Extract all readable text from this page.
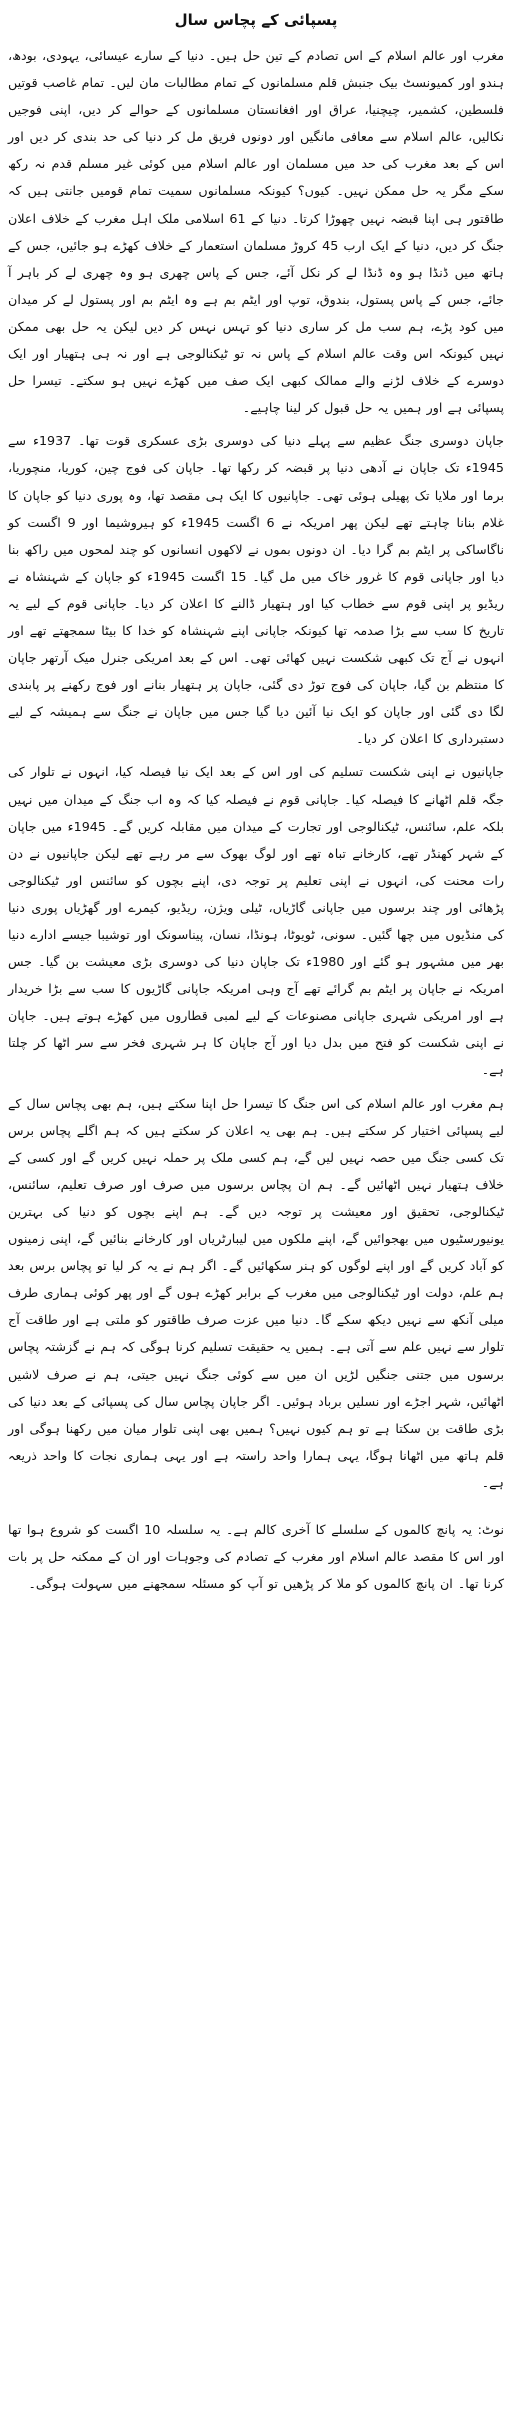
پسپائی کے پچاس سال

مغرب اور عالم اسلام کے اس تصادم کے تین حل ہیں۔ دنیا کے سارے عیسائی، یہودی، بودھ، ہندو اور کمیونسٹ بیک جنبش قلم مسلمانوں کے تمام مطالبات مان لیں۔ تمام غاصب قوتیں فلسطین، کشمیر، چیچنیا، عراق اور افغانستان مسلمانوں کے حوالے کر دیں، اپنی فوجیں نکالیں، عالم اسلام سے معافی مانگیں اور دونوں فریق مل کر دنیا کی حد بندی کر دیں اور اس کے بعد مغرب کی حد میں مسلمان اور عالم اسلام میں کوئی غیر مسلم قدم نہ رکھ سکے مگر یہ حل ممکن نہیں۔ کیوں؟ کیونکہ مسلمانوں سمیت تمام قومیں جانتی ہیں کہ طاقتور ہی اپنا قبضہ نہیں چھوڑا کرتا۔ دنیا کے 61 اسلامی ملک اہل مغرب کے خلاف اعلان جنگ کر دیں، دنیا کے ایک ارب 45 کروڑ مسلمان استعمار کے خلاف کھڑے ہو جائیں، جس کے ہاتھ میں ڈنڈا ہو وہ ڈنڈا لے کر نکل آئے، جس کے پاس چھری ہو وہ چھری لے کر باہر آ جائے، جس کے پاس پستول، بندوق، توپ اور ایٹم بم ہے وہ ایٹم بم اور پستول لے کر میدان میں کود پڑے، ہم سب مل کر ساری دنیا کو تہس نہس کر دیں لیکن یہ حل بھی ممکن نہیں کیونکہ اس وقت عالم اسلام کے پاس نہ تو ٹیکنالوجی ہے اور نہ ہی ہتھیار اور ایک دوسرے کے خلاف لڑنے والے ممالک کبھی ایک صف میں کھڑے نہیں ہو سکتے۔ تیسرا حل پسپائی ہے اور ہمیں یہ حل قبول کر لینا چاہیے۔

جاپان دوسری جنگ عظیم سے پہلے دنیا کی دوسری بڑی عسکری قوت تھا۔ 1937ء سے 1945ء تک جاپان نے آدھی دنیا پر قبضہ کر رکھا تھا۔ جاپان کی فوج چین، کوریا، منچوریا، برما اور ملایا تک پھیلی ہوئی تھی۔ جاپانیوں کا ایک ہی مقصد تھا، وہ پوری دنیا کو جاپان کا غلام بنانا چاہتے تھے لیکن پھر امریکہ نے 6 اگست 1945ء کو ہیروشیما اور 9 اگست کو ناگاساکی پر ایٹم بم گرا دیا۔ ان دونوں بموں نے لاکھوں انسانوں کو چند لمحوں میں راکھ بنا دیا اور جاپانی قوم کا غرور خاک میں مل گیا۔ 15 اگست 1945ء کو جاپان کے شہنشاہ نے ریڈیو پر اپنی قوم سے خطاب کیا اور ہتھیار ڈالنے کا اعلان کر دیا۔ جاپانی قوم کے لیے یہ تاریخ کا سب سے بڑا صدمہ تھا کیونکہ جاپانی اپنے شہنشاہ کو خدا کا بیٹا سمجھتے تھے اور انہوں نے آج تک کبھی شکست نہیں کھائی تھی۔ اس کے بعد امریکی جنرل میک آرتھر جاپان کا منتظم بن گیا، جاپان کی فوج توڑ دی گئی، جاپان پر ہتھیار بنانے اور فوج رکھنے پر پابندی لگا دی گئی اور جاپان کو ایک نیا آئین دیا گیا جس میں جاپان نے جنگ سے ہمیشہ کے لیے دستبرداری کا اعلان کر دیا۔

جاپانیوں نے اپنی شکست تسلیم کی اور اس کے بعد ایک نیا فیصلہ کیا، انہوں نے تلوار کی جگہ قلم اٹھانے کا فیصلہ کیا۔ جاپانی قوم نے فیصلہ کیا کہ وہ اب جنگ کے میدان میں نہیں بلکہ علم، سائنس، ٹیکنالوجی اور تجارت کے میدان میں مقابلہ کریں گے۔ 1945ء میں جاپان کے شہر کھنڈر تھے، کارخانے تباہ تھے اور لوگ بھوک سے مر رہے تھے لیکن جاپانیوں نے دن رات محنت کی، انہوں نے اپنی تعلیم پر توجہ دی، اپنے بچوں کو سائنس اور ٹیکنالوجی پڑھائی اور چند برسوں میں جاپانی گاڑیاں، ٹیلی ویژن، ریڈیو، کیمرے اور گھڑیاں پوری دنیا کی منڈیوں میں چھا گئیں۔ سونی، ٹویوٹا، ہونڈا، نسان، پیناسونک اور توشیبا جیسے ادارے دنیا بھر میں مشہور ہو گئے اور 1980ء تک جاپان دنیا کی دوسری بڑی معیشت بن گیا۔ جس امریکہ نے جاپان پر ایٹم بم گرائے تھے آج وہی امریکہ جاپانی گاڑیوں کا سب سے بڑا خریدار ہے اور امریکی شہری جاپانی مصنوعات کے لیے لمبی قطاروں میں کھڑے ہوتے ہیں۔ جاپان نے اپنی شکست کو فتح میں بدل دیا اور آج جاپان کا ہر شہری فخر سے سر اٹھا کر چلتا ہے۔

ہم مغرب اور عالم اسلام کی اس جنگ کا تیسرا حل اپنا سکتے ہیں، ہم بھی پچاس سال کے لیے پسپائی اختیار کر سکتے ہیں۔ ہم بھی یہ اعلان کر سکتے ہیں کہ ہم اگلے پچاس برس تک کسی جنگ میں حصہ نہیں لیں گے، ہم کسی ملک پر حملہ نہیں کریں گے اور کسی کے خلاف ہتھیار نہیں اٹھائیں گے۔ ہم ان پچاس برسوں میں صرف اور صرف تعلیم، سائنس، ٹیکنالوجی، تحقیق اور معیشت پر توجہ دیں گے۔ ہم اپنے بچوں کو دنیا کی بہترین یونیورسٹیوں میں بھجوائیں گے، اپنے ملکوں میں لیبارٹریاں اور کارخانے بنائیں گے، اپنی زمینوں کو آباد کریں گے اور اپنے لوگوں کو ہنر سکھائیں گے۔ اگر ہم نے یہ کر لیا تو پچاس برس بعد ہم علم، دولت اور ٹیکنالوجی میں مغرب کے برابر کھڑے ہوں گے اور پھر کوئی ہماری طرف میلی آنکھ سے نہیں دیکھ سکے گا۔ دنیا میں عزت صرف طاقتور کو ملتی ہے اور طاقت آج تلوار سے نہیں علم سے آتی ہے۔ ہمیں یہ حقیقت تسلیم کرنا ہوگی کہ ہم نے گزشتہ پچاس برسوں میں جتنی جنگیں لڑیں ان میں سے کوئی جنگ نہیں جیتی، ہم نے صرف لاشیں اٹھائیں، شہر اجڑے اور نسلیں برباد ہوئیں۔ اگر جاپان پچاس سال کی پسپائی کے بعد دنیا کی بڑی طاقت بن سکتا ہے تو ہم کیوں نہیں؟ ہمیں بھی اپنی تلوار میان میں رکھنا ہوگی اور قلم ہاتھ میں اٹھانا ہوگا، یہی ہمارا واحد راستہ ہے اور یہی ہماری نجات کا واحد ذریعہ ہے۔

نوٹ: یہ پانچ کالموں کے سلسلے کا آخری کالم ہے۔ یہ سلسلہ 10 اگست کو شروع ہوا تھا اور اس کا مقصد عالم اسلام اور مغرب کے تصادم کی وجوہات اور ان کے ممکنہ حل پر بات کرنا تھا۔ ان پانچ کالموں کو ملا کر پڑھیں تو آپ کو مسئلہ سمجھنے میں سہولت ہوگی۔
